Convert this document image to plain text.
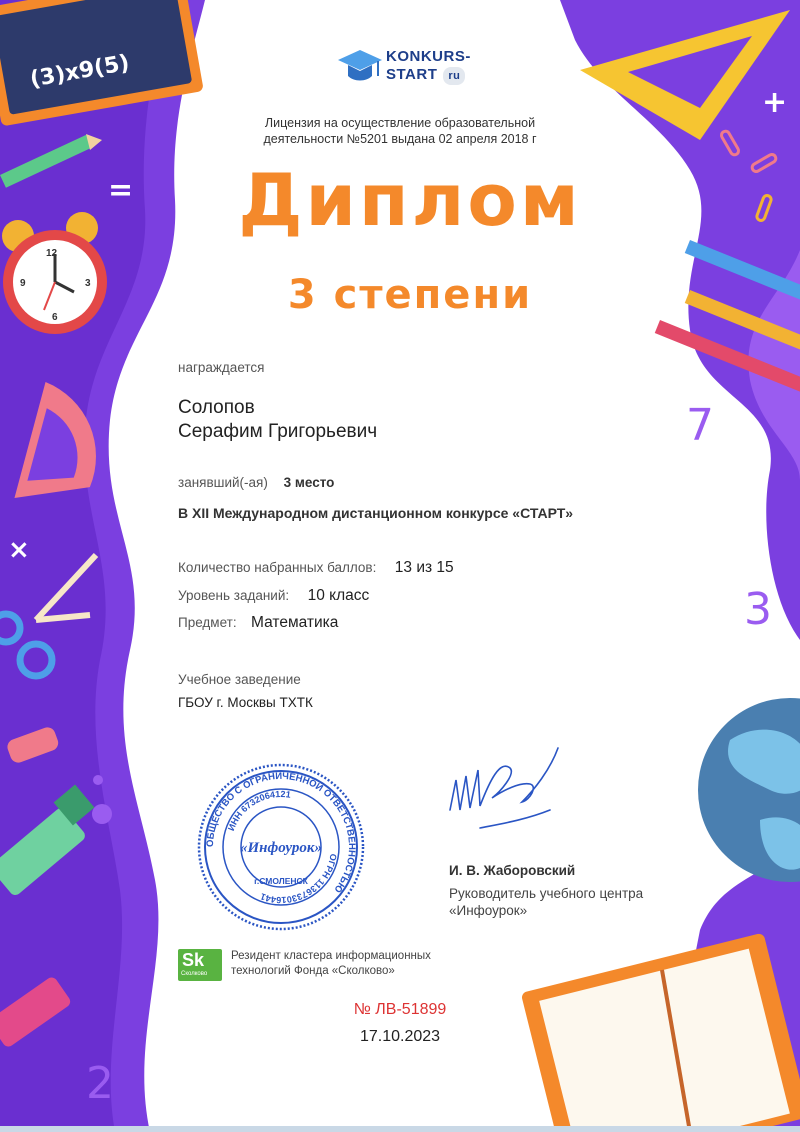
(3)x9(5)
=
12
3
6
9
×
+
7
3
2
KONKURS-
START ru
Лицензия на осуществление образовательной
деятельности №5201 выдана 02 апреля 2018 г
Диплом
3 степени
награждается
Солопов
Серафим Григорьевич
занявший(-ая) 3 место
В XII Международном дистанционном конкурсе «СТАРТ»
Количество набранных баллов: 13 из 15
Уровень заданий: 10 класс
Предмет: Математика
Учебное заведение
ГБОУ г. Москвы ТХТК
ОБЩЕСТВО С ОГРАНИЧЕННОЙ ОТВЕТСТВЕННОСТЬЮ
ИНН 6732064121
ОГРН 1136733016441
г.СМОЛЕНСК
«Инфоурок»
И. В. Жаборовский
Руководитель учебного центра
«Инфоурок»
Sk
Сколково
Резидент кластера информационных
технологий Фонда «Сколково»
№ ЛВ-51899
17.10.2023
